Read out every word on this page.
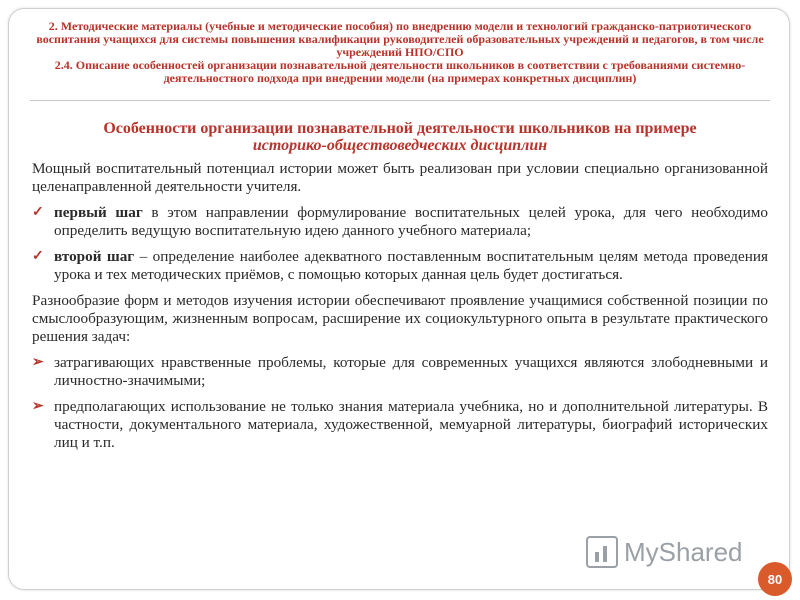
2. Методические материалы (учебные и методические пособия) по внедрению модели и технологий гражданско-патриотического воспитания учащихся для системы повышения квалификации руководителей образовательных учреждений и педагогов, в том числе учреждений НПО/СПО
2.4. Описание особенностей организации познавательной деятельности школьников в соответствии с требованиями системно-деятельностного подхода при внедрении модели (на примерах конкретных дисциплин)
Особенности организации познавательной деятельности школьников на примере
историко-обществоведческих дисциплин

Мощный воспитательный потенциал истории может быть реализован при условии специально организованной целенаправленной деятельности учителя.

✓ первый шаг в этом направлении формулирование воспитательных целей урока, для чего необходимо определить ведущую воспитательную идею данного учебного материала;
✓ второй шаг – определение наиболее адекватного поставленным воспитательным целям метода проведения урока и тех методических приёмов, с помощью которых данная цель будет достигаться.

Разнообразие форм и методов изучения истории обеспечивают проявление учащимися собственной позиции по смыслообразующим, жизненным вопросам, расширение их социокультурного опыта в результате практического решения задач:

➢ затрагивающих нравственные проблемы, которые для современных учащихся являются злободневными и личностно-значимыми;
➢ предполагающих использование не только знания материала учебника, но и дополнительной литературы. В частности, документального материала, художественной, мемуарной литературы, биографий исторических лиц и т.п.
MyShared
80
